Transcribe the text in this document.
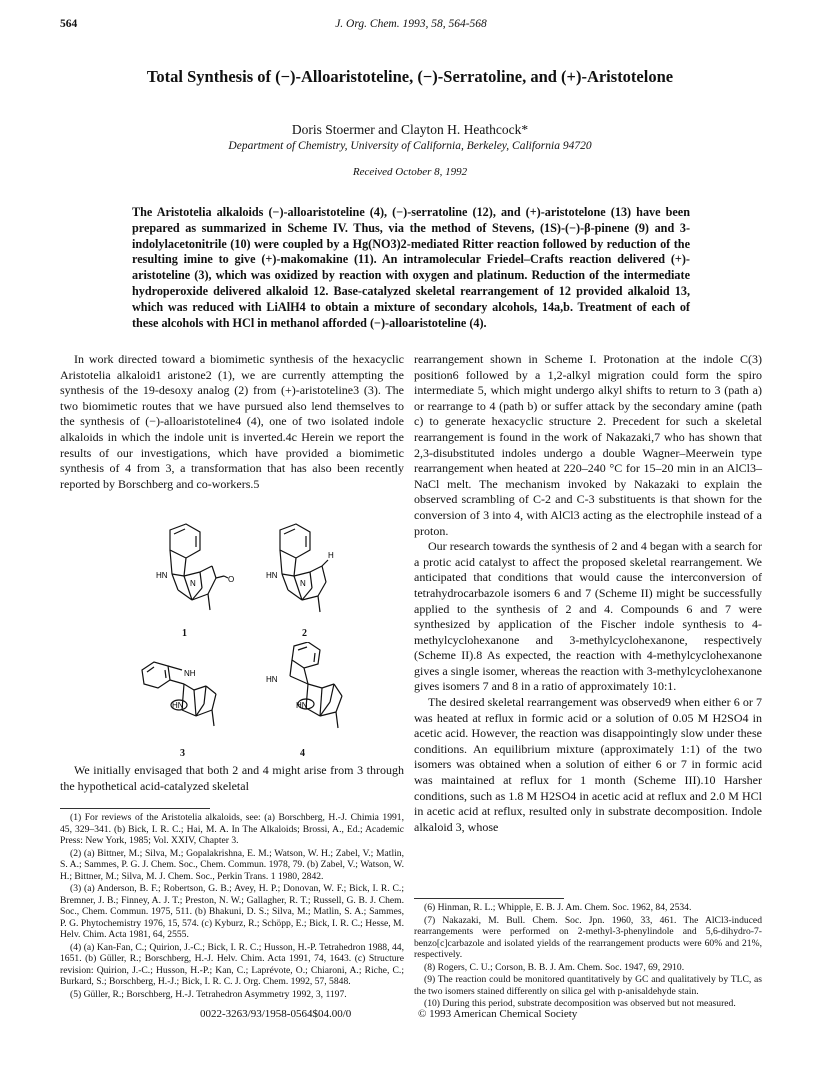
564	J. Org. Chem. 1993, 58, 564-568
Total Synthesis of (−)-Alloaristoteline, (−)-Serratoline, and (+)-Aristotelone
Doris Stoermer and Clayton H. Heathcock*
Department of Chemistry, University of California, Berkeley, California 94720
Received October 8, 1992
The Aristotelia alkaloids (−)-alloaristoteline (4), (−)-serratoline (12), and (+)-aristotelone (13) have been prepared as summarized in Scheme IV. Thus, via the method of Stevens, (1S)-(−)-β-pinene (9) and 3-indolylacetonitrile (10) were coupled by a Hg(NO3)2-mediated Ritter reaction followed by reduction of the resulting imine to give (+)-makomakine (11). An intramolecular Friedel–Crafts reaction delivered (+)-aristoteline (3), which was oxidized by reaction with oxygen and platinum. Reduction of the intermediate hydroperoxide delivered alkaloid 12. Base-catalyzed skeletal rearrangement of 12 provided alkaloid 13, which was reduced with LiAlH4 to obtain a mixture of secondary alcohols, 14a,b. Treatment of each of these alcohols with HCl in methanol afforded (−)-alloaristoteline (4).

In work directed toward a biomimetic synthesis of the hexacyclic Aristotelia alkaloid1 aristone2 (1), we are currently attempting the synthesis of the 19-desoxy analog (2) from (+)-aristoteline3 (3). The two biomimetic routes that we have pursued also lend themselves to the synthesis of (−)-alloaristoteline4 (4), one of two isolated indole alkaloids in which the indole unit is inverted.4c Herein we report the results of our investigations, which have provided a biomimetic synthesis of 4 from 3, a transformation that has also been recently reported by Borschberg and co-workers.5

HN
N	O
1
HN
N
H
2
NH
HN
3
HN
HN
4

We initially envisaged that both 2 and 4 might arise from 3 through the hypothetical acid-catalyzed skeletal

(1) For reviews of the Aristotelia alkaloids, see: (a) Borschberg, H.-J. Chimia 1991, 45, 329–341. (b) Bick, I. R. C.; Hai, M. A. In The Alkaloids; Brossi, A., Ed.; Academic Press: New York, 1985; Vol. XXIV, Chapter 3.

(2) (a) Bittner, M.; Silva, M.; Gopalakrishna, E. M.; Watson, W. H.; Zabel, V.; Matlin, S. A.; Sammes, P. G. J. Chem. Soc., Chem. Commun. 1978, 79. (b) Zabel, V.; Watson, W. H.; Bittner, M.; Silva, M. J. Chem. Soc., Perkin Trans. 1 1980, 2842.

(3) (a) Anderson, B. F.; Robertson, G. B.; Avey, H. P.; Donovan, W. F.; Bick, I. R. C.; Bremner, J. B.; Finney, A. J. T.; Preston, N. W.; Gallagher, R. T.; Russell, G. B. J. Chem. Soc., Chem. Commun. 1975, 511. (b) Bhakuni, D. S.; Silva, M.; Matlin, S. A.; Sammes, P. G. Phytochemistry 1976, 15, 574. (c) Kyburz, R.; Schöpp, E.; Bick, I. R. C.; Hesse, M. Helv. Chim. Acta 1981, 64, 2555.

(4) (a) Kan-Fan, C.; Quirion, J.-C.; Bick, I. R. C.; Husson, H.-P. Tetrahedron 1988, 44, 1651. (b) Güller, R.; Borschberg, H.-J. Helv. Chim. Acta 1991, 74, 1643. (c) Structure revision: Quirion, J.-C.; Husson, H.-P.; Kan, C.; Laprévote, O.; Chiaroni, A.; Riche, C.; Burkard, S.; Borschberg, H.-J.; Bick, I. R. C. J. Org. Chem. 1992, 57, 5848.

(5) Güller, R.; Borschberg, H.-J. Tetrahedron Asymmetry 1992, 3, 1197.

rearrangement shown in Scheme I. Protonation at the indole C(3) position6 followed by a 1,2-alkyl migration could form the spiro intermediate 5, which might undergo alkyl shifts to return to 3 (path a) or rearrange to 4 (path b) or suffer attack by the secondary amine (path c) to generate hexacyclic structure 2. Precedent for such a skeletal rearrangement is found in the work of Nakazaki,7 who has shown that 2,3-disubstituted indoles undergo a double Wagner–Meerwein type rearrangement when heated at 220–240 °C for 15–20 min in an AlCl3–NaCl melt. The mechanism invoked by Nakazaki to explain the observed scrambling of C-2 and C-3 substituents is that shown for the conversion of 3 into 4, with AlCl3 acting as the electrophile instead of a proton.

Our research towards the synthesis of 2 and 4 began with a search for a protic acid catalyst to affect the proposed skeletal rearrangement. We anticipated that conditions that would cause the interconversion of tetrahydrocarbazole isomers 6 and 7 (Scheme II) might be successfully applied to the synthesis of 2 and 4. Compounds 6 and 7 were synthesized by application of the Fischer indole synthesis to 4-methylcyclohexanone and 3-methylcyclohexanone, respectively (Scheme II).8 As expected, the reaction with 4-methylcyclohexanone gives a single isomer, whereas the reaction with 3-methylcyclohexanone gives isomers 7 and 8 in a ratio of approximately 10:1.

The desired skeletal rearrangement was observed9 when either 6 or 7 was heated at reflux in formic acid or a solution of 0.05 M H2SO4 in acetic acid. However, the reaction was disappointingly slow under these conditions. An equilibrium mixture (approximately 1:1) of the two isomers was obtained when a solution of either 6 or 7 in formic acid was maintained at reflux for 1 month (Scheme III).10 Harsher conditions, such as 1.8 M H2SO4 in acetic acid at reflux and 2.0 M HCl in acetic acid at reflux, resulted only in substrate decomposition. Indole alkaloid 3, whose

(6) Hinman, R. L.; Whipple, E. B. J. Am. Chem. Soc. 1962, 84, 2534.

(7) Nakazaki, M. Bull. Chem. Soc. Jpn. 1960, 33, 461. The AlCl3-induced rearrangements were performed on 2-methyl-3-phenylindole and 5,6-dihydro-7-benzo[c]carbazole and isolated yields of the rearrangement products were 60% and 21%, respectively.

(8) Rogers, C. U.; Corson, B. B. J. Am. Chem. Soc. 1947, 69, 2910.

(9) The reaction could be monitored quantitatively by GC and qualitatively by TLC, as the two isomers stained differently on silica gel with p-anisaldehyde stain.

(10) During this period, substrate decomposition was observed but not measured.

0022-3263/93/1958-0564$04.00/0	© 1993 American Chemical Society
